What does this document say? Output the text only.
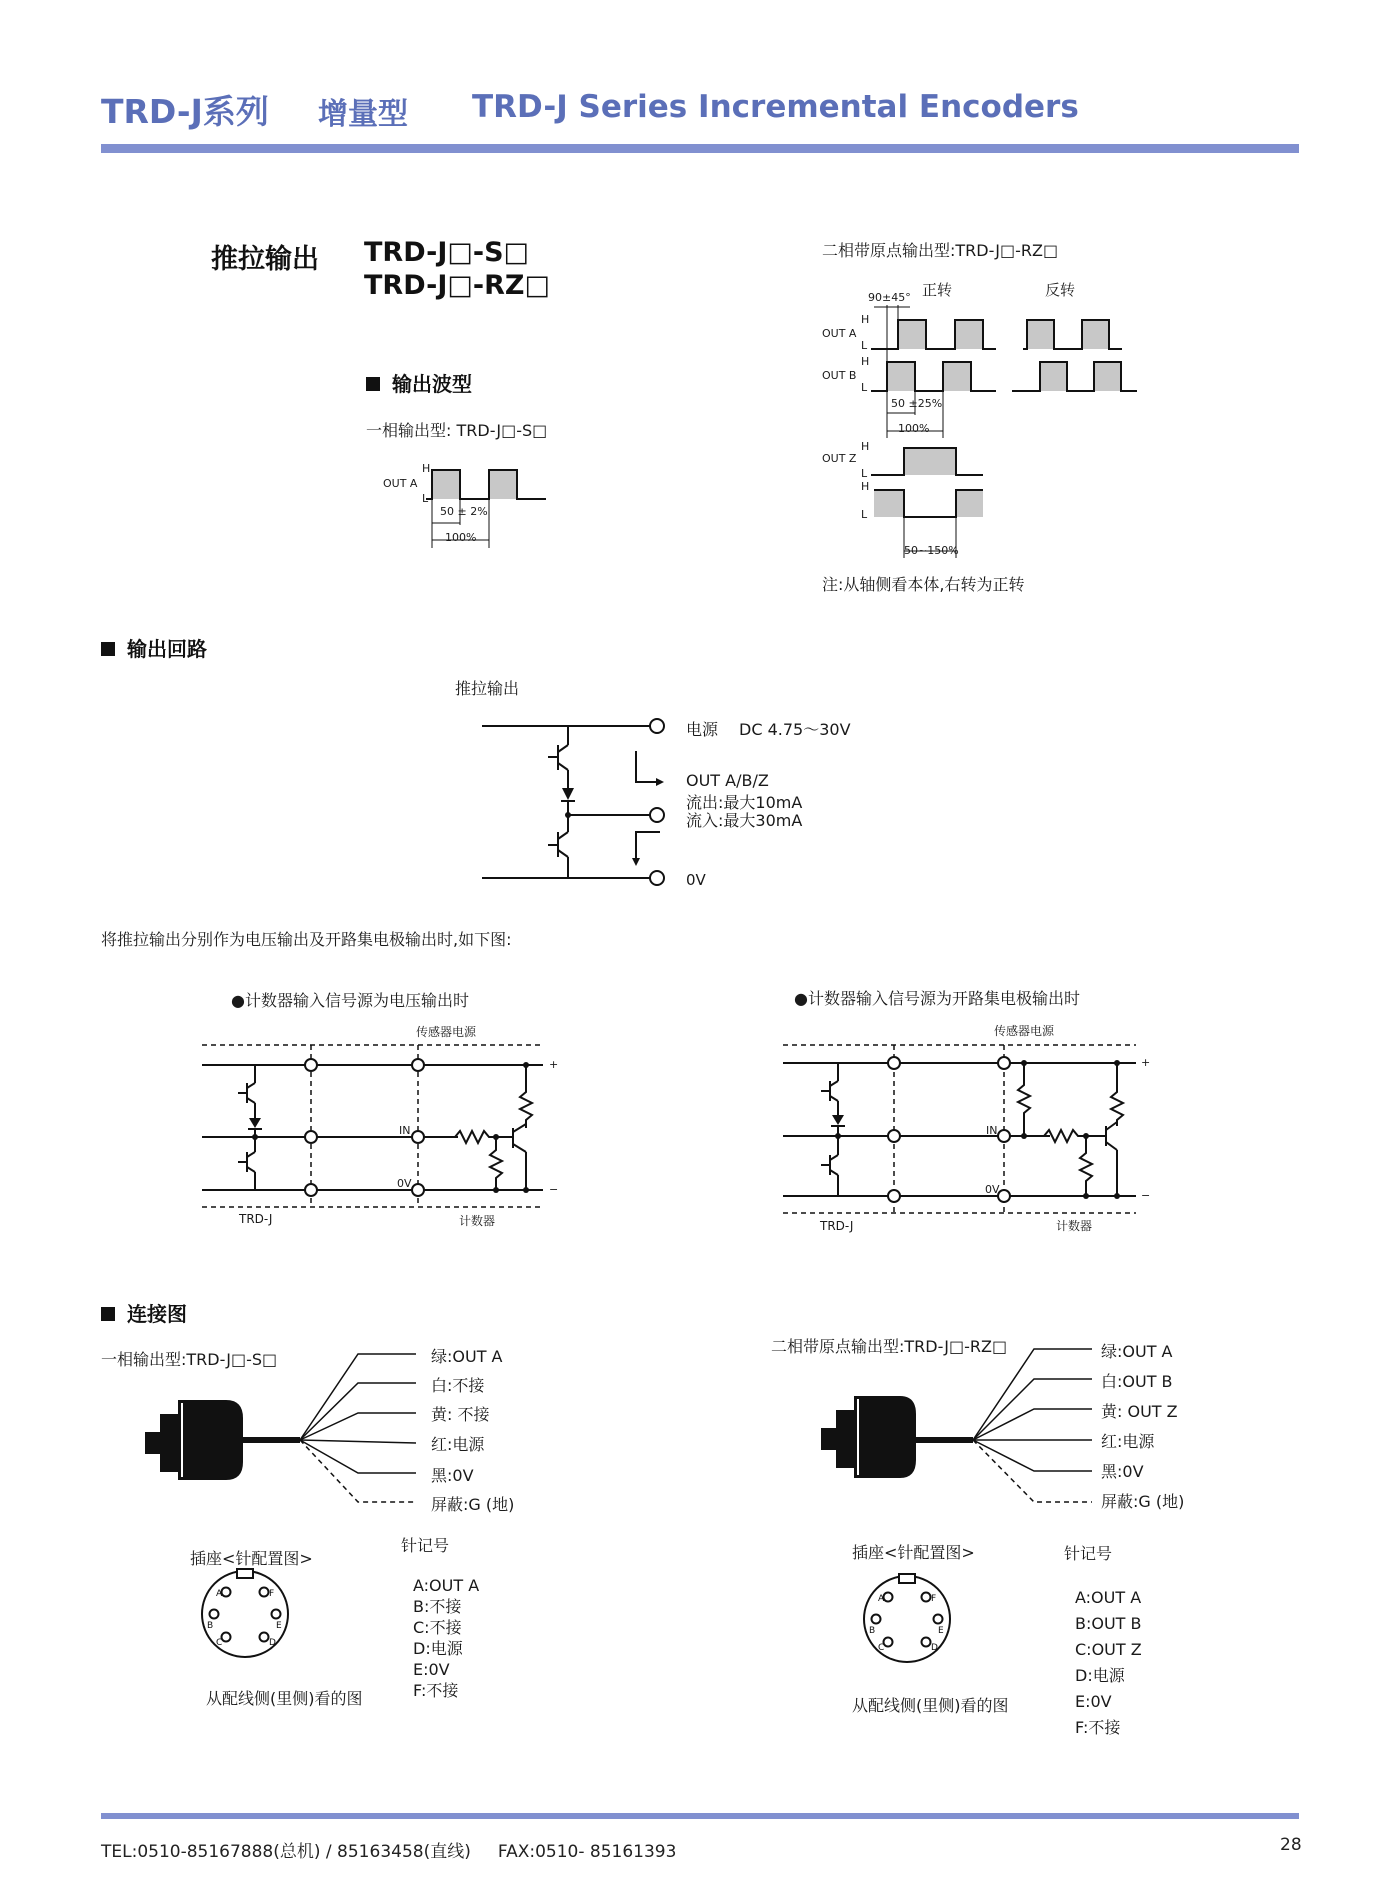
TRD-J系列 增量型 TRD-J Series Incremental Encoders
推拉输出 TRD-J□-S□
TRD-J□-RZ□
输出波型
一相输出型: TRD-J□-S□
OUT A
H
L
50 ± 2%
100%
二相带原点输出型:TRD-J□-RZ□
正转	反转
90±45°
OUT A
OUT B
OUT Z
H
L
H
L
H
L
H
L
50 ±25%
100%
50~150%
注:从轴侧看本体,右转为正转
输出回路
推拉输出
电源 DC 4.75～30V
OUT A/B/Z
流出:最大10mA
流入:最大30mA
0V
将推拉输出分别作为电压输出及开路集电极输出时,如下图:
●计数器输入信号源为电压输出时	●计数器输入信号源为开路集电极输出时
传感器电源
IN
0V
+
−
TRD-J	计数器
传感器电源
IN
0V
+
−
TRD-J	计数器
连接图
一相输出型:TRD-J□-S□
二相带原点输出型:TRD-J□-RZ□
绿:OUT A
白:不接
黄: 不接
红:电源
黑:0V
屏蔽:G (地)
绿:OUT A
白:OUT B
黄: OUT Z
红:电源
黑:0V
屏蔽:G (地)
插座<针配置图>
针记号
A	F
B	E
C	D
从配线侧(里侧)看的图
A:OUT A
B:不接
C:不接
D:电源
E:0V
F:不接
插座<针配置图>	针记号
A	F
B	E
C	D
从配线侧(里侧)看的图
A:OUT A
B:OUT B
C:OUT Z
D:电源
E:0V
F:不接
TEL:0510-85167888(总机) / 85163458(直线)     FAX:0510- 85161393	28
